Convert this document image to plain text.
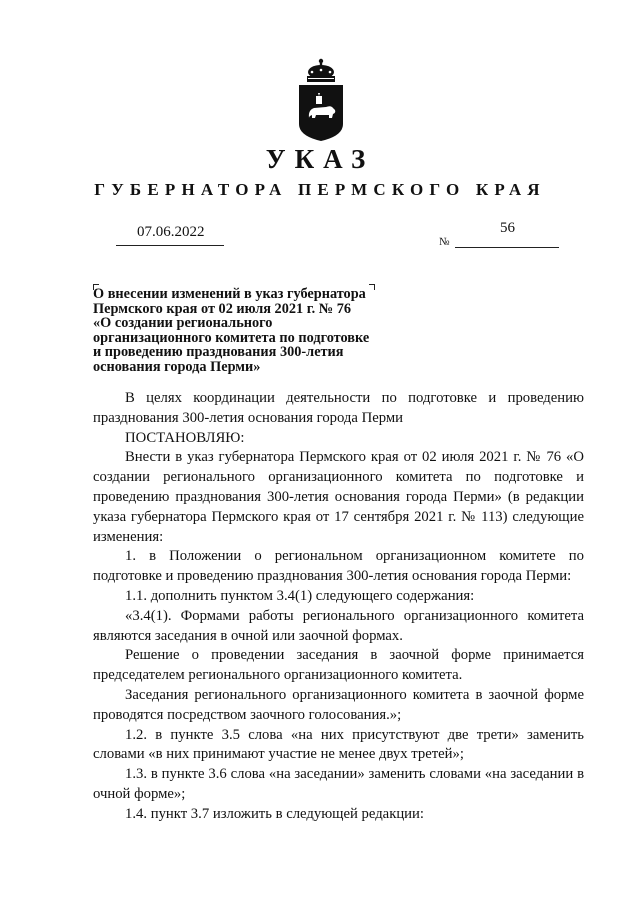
УКАЗ
ГУБЕРНАТОРА ПЕРМСКОГО КРАЯ
07.06.2022	56
№
О внесении изменений в указ губернатора
Пермского края от 02 июля 2021 г. № 76
«О создании регионального
организационного комитета по подготовке
и проведению празднования 300-летия
основания города Перми»

В целях координации деятельности по подготовке и проведению празднования 300-летия основания города Перми

ПОСТАНОВЛЯЮ:

Внести в указ губернатора Пермского края от 02 июля 2021 г. № 76 «О создании регионального организационного комитета по подготовке и проведению празднования 300-летия основания города Перми» (в редакции указа губернатора Пермского края от 17 сентября 2021 г. № 113) следующие изменения:

1. в Положении о региональном организационном комитете по подготовке и проведению празднования 300-летия основания города Перми:

1.1. дополнить пунктом 3.4(1) следующего содержания:

«3.4(1). Формами работы регионального организационного комитета являются заседания в очной или заочной формах.

Решение о проведении заседания в заочной форме принимается председателем регионального организационного комитета.

Заседания регионального организационного комитета в заочной форме проводятся посредством заочного голосования.»;

1.2. в пункте 3.5 слова «на них присутствуют две трети» заменить словами «в них принимают участие не менее двух третей»;

1.3. в пункте 3.6 слова «на заседании» заменить словами «на заседании в очной форме»;

1.4. пункт 3.7 изложить в следующей редакции:
